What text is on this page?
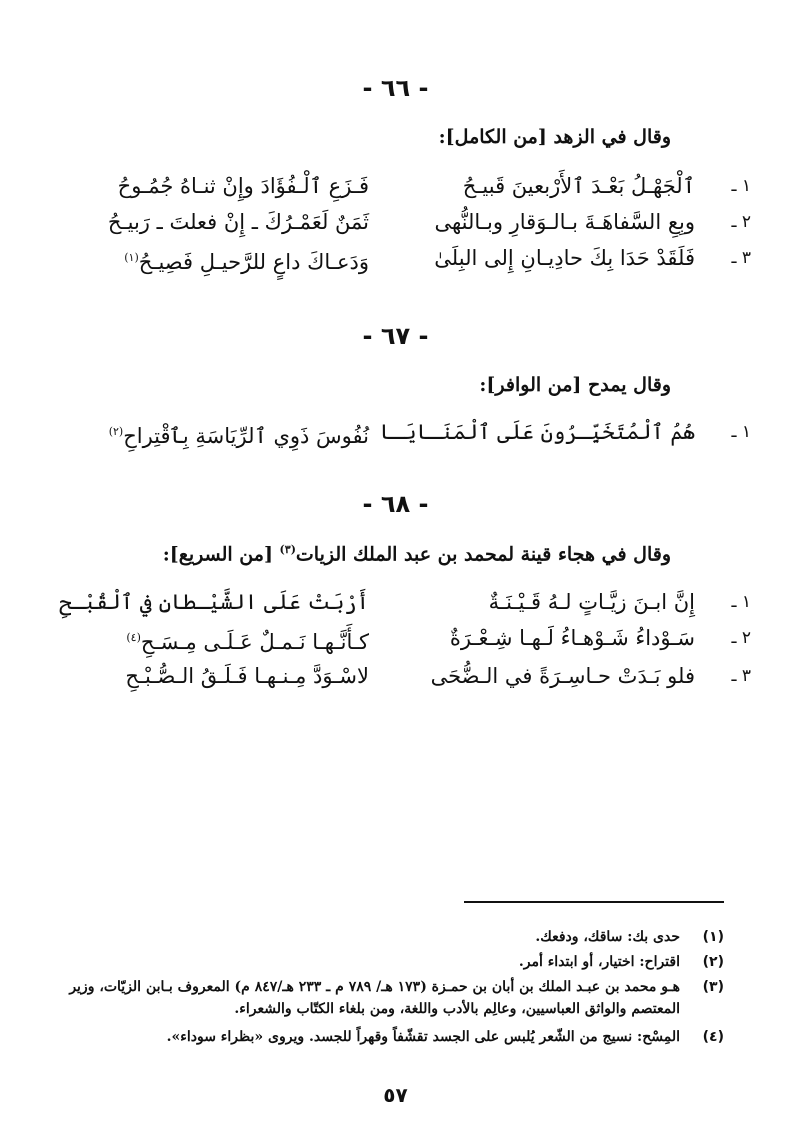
- ٦٦ -
وقال في الزهد [من الكامل]:
١ ـ
ٱلْجَهْـلُ بَعْـدَ ٱلأَرْبعينَ قَبيـحُ
فَـزَعِ ٱلْـفُؤَادَ وإِنْ ثنـاهُ جُمُـوحُ
٢ ـ
وبِعِ السَّفاهَـةَ بـالـوَقارِ وبـالنُّهى
ثَمَنٌ لَعَمْـرُكَ ـ إِنْ فعلتَ ـ رَبيـحُ
٣ ـ
فَلَقَدْ حَدَا بِكَ حادِيـانِ إِلى البِلَىٰ
وَدَعـاكَ داعٍ للرَّحيـلِ فَصِيـحُ$^{(١)}$
- ٦٧ -
وقال يمدح [من الوافر]:
١ ـ
هُمُ ٱلْمُتَخَيِّـرُونَ عَلَى ٱلْمَنَـايَـا
نُفُوسَ ذَوِي ٱلرِّيَاسَةِ بِٱقْتِراحِ$^{(٢)}$
- ٦٨ -
وقال في هجاء قينة لمحمد بن عبد الملك الزيات$^{(٣)}$ [من السريع]:
١ ـ
إِنَّ ابـنَ زيَّـاتٍ لـهُ قَـيْـنَـةٌ
أَرْبَتْ عَلَى الشَّيْـطانِ في ٱلْقُبْـحِ
٢ ـ
سَـوْداءُ شَـوْهـاءُ لَـهـا شِـعْـرَةٌ
كـأَنَّـهـا نَـمـلٌ عَـلَـى مِـسَـحِ$^{(٤)}$
٣ ـ
فلو بَـدَتْ حـاسِـرَةً في الـضُّحَى
لاسْـوَدَّ مِـنـهـا فَـلَـقُ الـصُّـبْـحِ
(١)
حدى بك: ساقك، ودفعك.
(٢)
اقتراح: اختيار، أو ابتداء أمر.
(٣)
هـو محمد بن عبـد الملك بن أبان بن حمـزة (١٧٣ هـ/ ٧٨٩ م ـ ٢٣٣ هـ/٨٤٧ م) المعروف بـابن الزيّات، وزير المعتصم والواثق العباسيين، وعالِم بالأدب واللغة، ومن بلغاء الكتّاب والشعراء.
(٤)
المِسْح: نسيج من الشّعر يُلبس على الجسد تقشّفاً وقهراً للجسد. ويروى «بظراء سوداء».
٥٧
